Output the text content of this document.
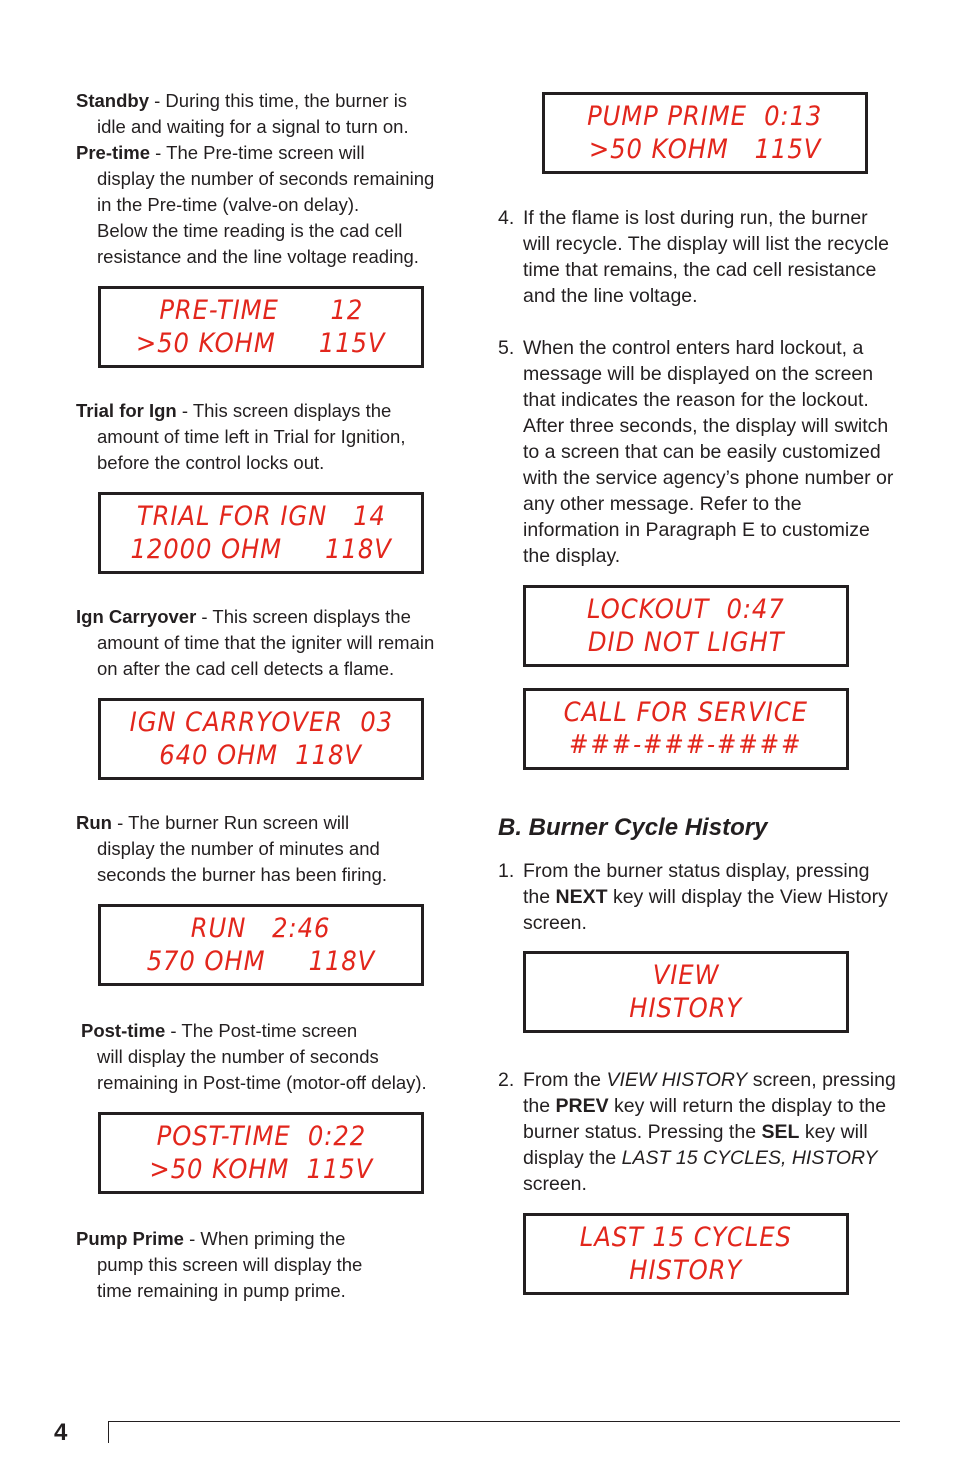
Standby - During this time, the burner is
idle and waiting for a signal to turn on.

Pre-time - The Pre-time screen will
display the number of seconds remaining
in the Pre-time (valve-on delay).
Below the time reading is the cad cell
resistance and the line voltage reading.

PRE-TIME      12
>50 KOHM     115V

Trial for Ign - This screen displays the
amount of time left in Trial for Ignition,
before the control locks out.

TRIAL FOR IGN   14
12000 OHM     118V

Ign Carryover - This screen displays the
amount of time that the igniter will remain
on after the cad cell detects a flame.

IGN CARRYOVER  03
640 OHM  118V

Run - The burner Run screen will
display the number of minutes and
seconds the burner has been firing.

RUN   2:46
570 OHM     118V

Post-time - The Post-time screen
will display the number of seconds
remaining in Post-time (motor-off delay).

POST-TIME  0:22
>50 KOHM  115V

Pump Prime - When priming the
pump this screen will display the
time remaining in pump prime.

PUMP PRIME  0:13
>50 KOHM   115V

4. If the flame is lost during run, the burner will recycle. The display will list the recycle time that remains, the cad cell resistance and the line voltage.

5. When the control enters hard lockout, a message will be displayed on the screen that indicates the reason for the lockout. After three seconds, the display will switch to a screen that can be easily customized with the service agency’s phone number or any other message. Refer to the information in Paragraph E to customize the display.

LOCKOUT  0:47
DID NOT LIGHT
CALL FOR SERVICE
###-###-####
B. Burner Cycle History

1. From the burner status display, pressing the NEXT key will display the View History screen.

VIEW
HISTORY

2. From the VIEW HISTORY screen, pressing the PREV key will return the display to the burner status. Pressing the SEL key will display the LAST 15 CYCLES, HISTORY screen.

LAST 15 CYCLES
HISTORY
4
